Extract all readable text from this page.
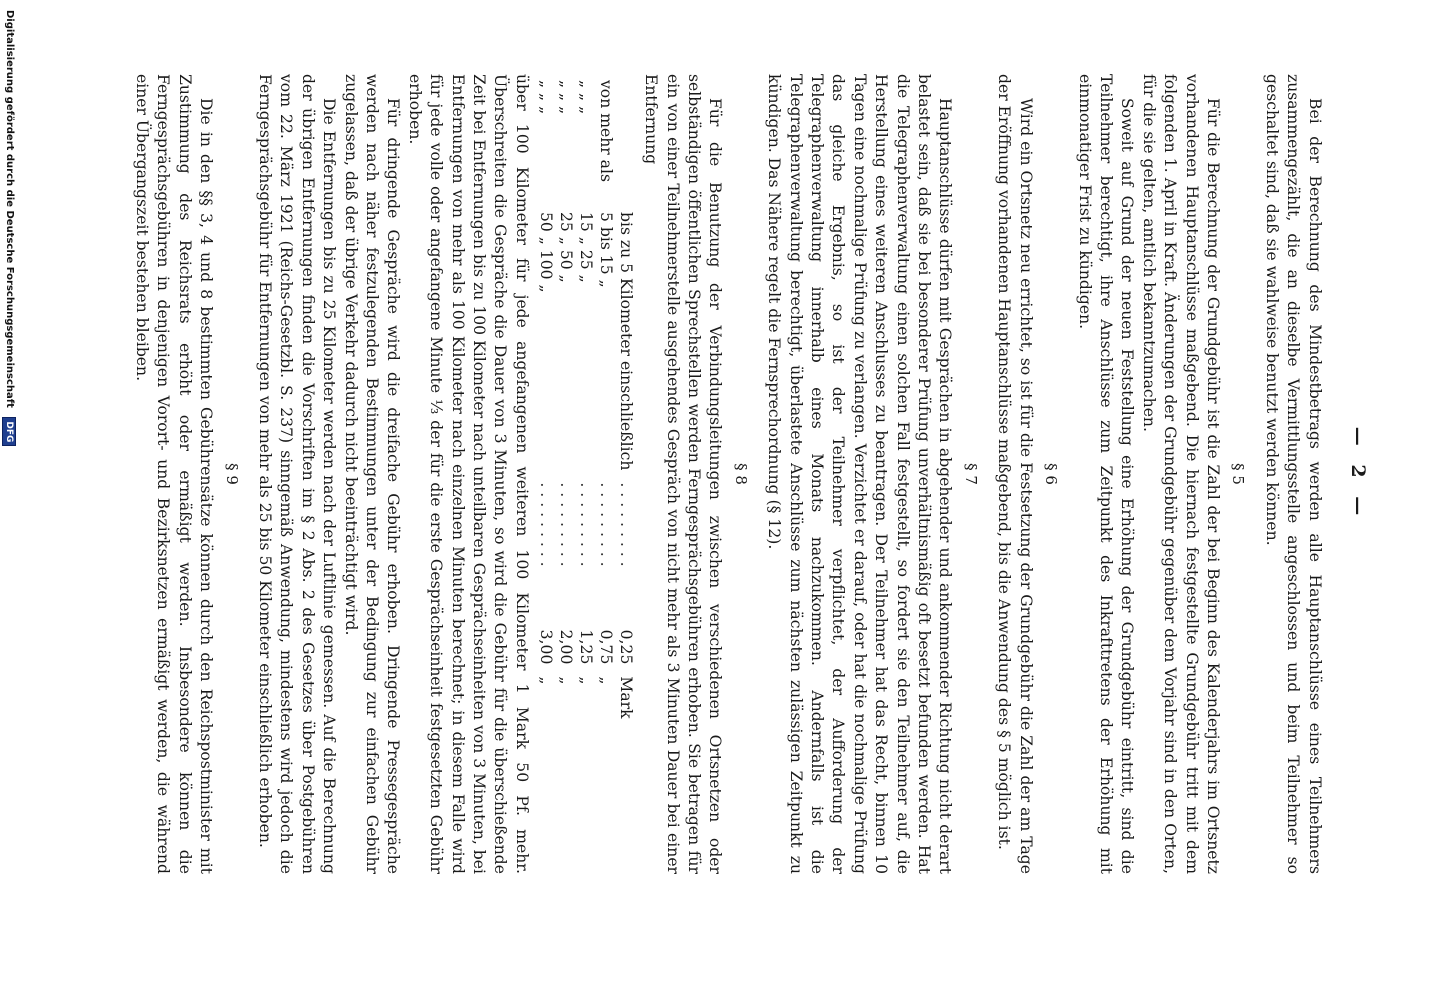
— 2 —

Bei der Berechnung des Mindestbetrags werden alle Hauptanschlüsse eines Teilnehmers zusammengezählt, die an dieselbe Vermittlungsstelle angeschlossen und beim Teilnehmer so geschaltet sind, daß sie wahlweise benutzt werden können.

§ 5

Für die Berechnung der Grundgebühr ist die Zahl der bei Beginn des Kalenderjahrs im Ortsnetz vorhandenen Hauptanschlüsse maßgebend. Die hiernach festgestellte Grundgebühr tritt mit dem folgenden 1. April in Kraft. Änderungen der Grundgebühr gegenüber dem Vorjahr sind in den Orten, für die sie gelten, amtlich bekanntzumachen.

Soweit auf Grund der neuen Feststellung eine Erhöhung der Grundgebühr eintritt, sind die Teilnehmer berechtigt, ihre Anschlüsse zum Zeitpunkt des Inkrafttretens der Erhöhung mit einmonatiger Frist zu kündigen.

§ 6

Wird ein Ortsnetz neu errichtet, so ist für die Festsetzung der Grundgebühr die Zahl der am Tage der Eröffnung vorhandenen Hauptanschlüsse maßgebend, bis die Anwendung des § 5 möglich ist.

§ 7

Hauptanschlüsse dürfen mit Gesprächen in abgehender und ankommender Richtung nicht derart belastet sein, daß sie bei besonderer Prüfung unverhältnismäßig oft besetzt befunden werden. Hat die Telegraphenverwaltung einen solchen Fall festgestellt, so fordert sie den Teilnehmer auf, die Herstellung eines weiteren Anschlusses zu beantragen. Der Teilnehmer hat das Recht, binnen 10 Tagen eine nochmalige Prüfung zu verlangen. Verzichtet er darauf, oder hat die nochmalige Prüfung das gleiche Ergebnis, so ist der Teilnehmer verpflichtet, der Aufforderung der Telegraphenverwaltung innerhalb eines Monats nachzukommen. Andernfalls ist die Telegraphenverwaltung berechtigt, überlastete Anschlüsse zum nächsten zulässigen Zeitpunkt zu kündigen. Das Nähere regelt die Fernsprechordnung (§ 12).

§ 8

Für die Benutzung der Verbindungsleitungen zwischen verschiedenen Ortsnetzen oder selbständigen öffentlichen Sprechstellen werden Ferngesprächsgebühren erhoben. Sie betragen für ein von einer Teilnehmerstelle ausgehendes Gespräch von nicht mehr als 3 Minuten Dauer bei einer Entfernung

	bis zu 5 Kilometer einschließlich	. . . . . . . . .	0,25	Mark
von mehr als	5 bis 15 „	. . . . . . . . .	0,75	„
„ „ „	15 „ 25 „	. . . . . . . . .	1,25	„
„ „ „	25 „ 50 „	. . . . . . . . .	2,00	„
„ „ „	50 „ 100 „	. . . . . . . . .	3,00	„

über 100 Kilometer für jede angefangenen weiteren 100 Kilometer 1 Mark 50 Pf. mehr. Überschreiten die Gespräche die Dauer von 3 Minuten, so wird die Gebühr für die überschießende Zeit bei Entfernungen bis zu 100 Kilometer nach unteilbaren Gesprächseinheiten von 3 Minuten, bei Entfernungen von mehr als 100 Kilometer nach einzelnen Minuten berechnet; in diesem Falle wird für jede volle oder angefangene Minute ⅓ der für die erste Gesprächseinheit festgesetzten Gebühr erhoben.

Für dringende Gespräche wird die dreifache Gebühr erhoben. Dringende Pressegespräche werden nach näher festzulegenden Bestimmungen unter der Bedingung zur einfachen Gebühr zugelassen, daß der übrige Verkehr dadurch nicht beeinträchtigt wird.

Die Entfernungen bis zu 25 Kilometer werden nach der Luftlinie gemessen. Auf die Berechnung der übrigen Entfernungen finden die Vorschriften im § 2 Abs. 2 des Gesetzes über Postgebühren vom 22. März 1921 (Reichs-Gesetzbl. S. 237) sinngemäß Anwendung, mindestens wird jedoch die Ferngesprächsgebühr für Entfernungen von mehr als 25 bis 50 Kilometer einschließlich erhoben.

§ 9

Die in den §§ 3, 4 und 8 bestimmten Gebührensätze können durch den Reichspostminister mit Zustimmung des Reichsrats erhöht oder ermäßigt werden. Insbesondere können die Ferngesprächsgebühren in denjenigen Vorort- und Bezirksnetzen ermäßigt werden, die während einer Übergangszeit bestehen bleiben.

Digitalisierung gefördert durch die Deutsche Forschungsgemeinschaft DFG
